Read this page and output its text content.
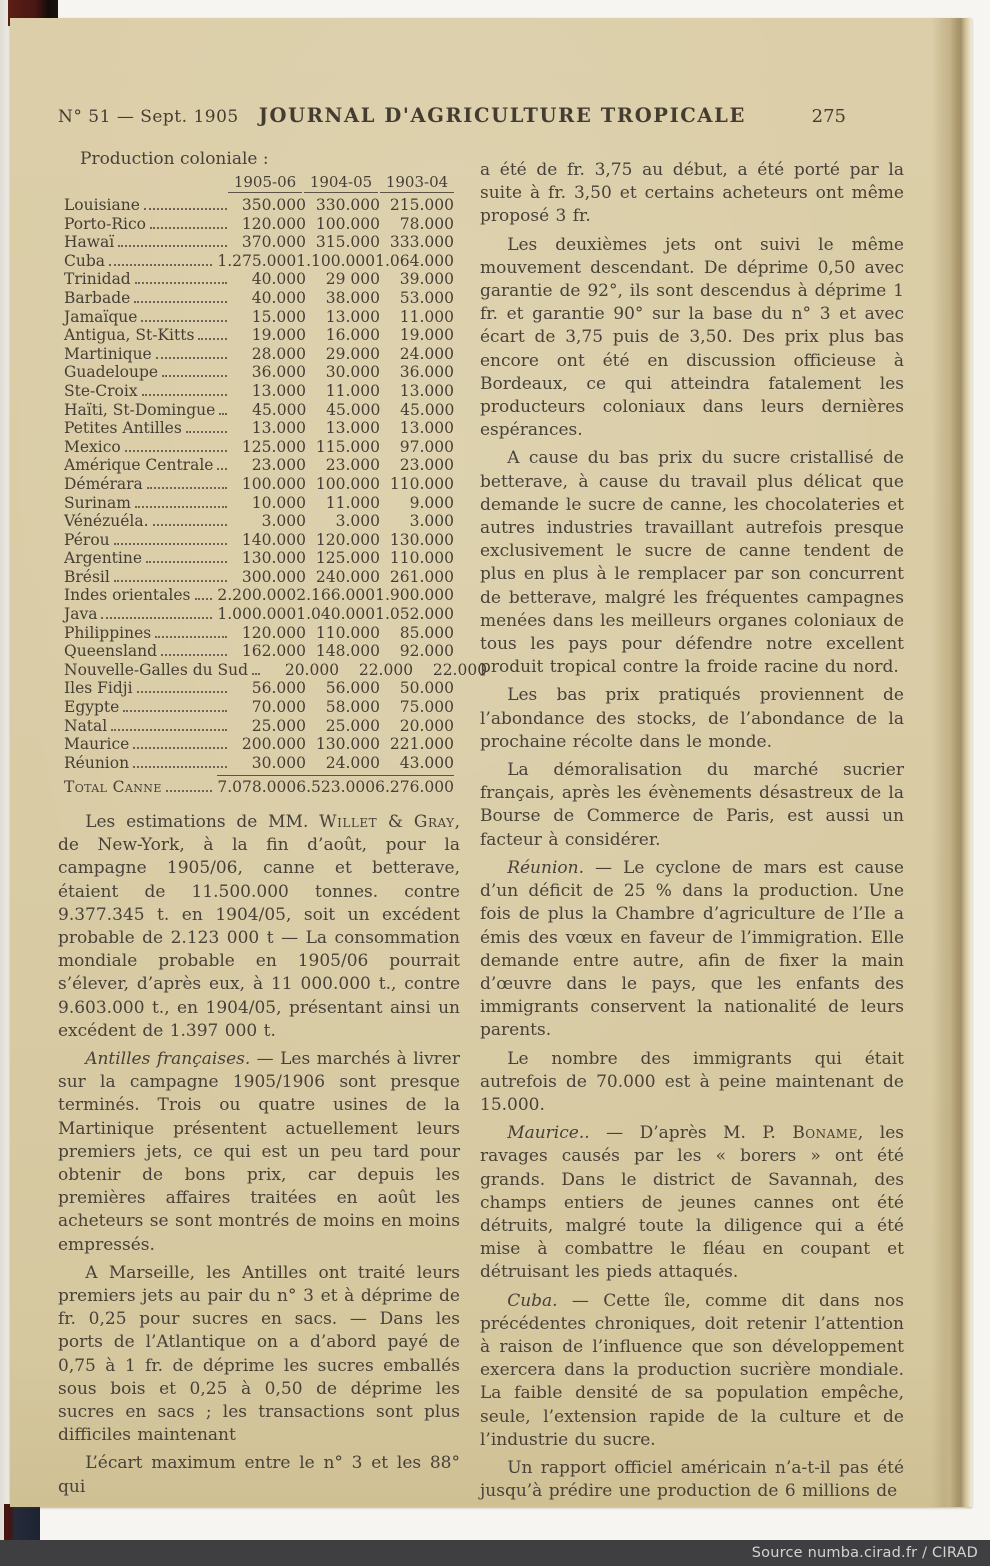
N° 51 — Sept. 1905 JOURNAL D'AGRICULTURE TROPICALE	275
Production coloniale :
1905-06 1904-05 1903-04
Louisiane	350.000 330.000 215.000
Porto-Rico	120.000 100.000	78.000
Hawaï	370.000 315.000 333.000
Cuba	1.275.000 1.100.000 1.064.000
Trinidad	40.000	29 000	39.000
Barbade	40.000	38.000	53.000
Jamaïque	15.000	13.000	11.000
Antigua, St-Kitts	19.000	16.000	19.000
Martinique	28.000	29.000	24.000
Guadeloupe	36.000	30.000	36.000
Ste-Croix	13.000	11.000	13.000
Haïti, St-Domingue	45.000	45.000	45.000
Petites Antilles	13.000	13.000	13.000
Mexico	125.000 115.000	97.000
Amérique Centrale	23.000	23.000	23.000
Démérara	100.000 100.000 110.000
Surinam	10.000	11.000	9.000
Vénézuéla.	3.000	3.000	3.000
Pérou	140.000 120.000 130.000
Argentine	130.000 125.000 110.000
Brésil	300.000 240.000 261.000
Indes orientales 2.200.000 2.166.000 1.900.000
Java	1.000.000 1.040.000 1.052.000
Philippines	120.000 110.000	85.000
Queensland	162.000 148.000	92.000
Nouvelle-Galles du Sud	20.000	22.000	22.000
Iles Fidji	56.000	56.000	50.000
Egypte	70.000	58.000	75.000
Natal	25.000	25.000	20.000
Maurice	200.000 130.000 221.000
Réunion	30.000	24.000	43.000
Total Canne	7.078.000 6.523.000 6.276.000

Les estimations de MM. Willet & Gray, de New-York, à la fin d’août, pour la campagne 1905/06, canne et betterave, étaient de 11.500.000 tonnes. contre 9.377.345 t. en 1904/05, soit un excédent probable de 2.123 000 t — La consommation mondiale probable en 1905/06 pourrait s’élever, d’après eux, à 11 000.000 t., contre 9.603.000 t., en 1904/05, présentant ainsi un excédent de 1.397 000 t.

Antilles françaises. — Les marchés à livrer sur la campagne 1905/1906 sont presque terminés. Trois ou quatre usines de la Martinique présentent actuellement leurs premiers jets, ce qui est un peu tard pour obtenir de bons prix, car depuis les premières affaires traitées en août les acheteurs se sont montrés de moins en moins empressés.

A Marseille, les Antilles ont traité leurs premiers jets au pair du n° 3 et à déprime de fr. 0,25 pour sucres en sacs. — Dans les ports de l’Atlantique on a d’abord payé de 0,75 à 1 fr. de déprime les sucres emballés sous bois et 0,25 à 0,50 de déprime les sucres en sacs ; les transactions sont plus difficiles maintenant

L’écart maximum entre le n° 3 et les 88° qui

a été de fr. 3,75 au début, a été porté par la suite à fr. 3,50 et certains acheteurs ont même proposé 3 fr.

Les deuxièmes jets ont suivi le même mouvement descendant. De déprime 0,50 avec garantie de 92°, ils sont descendus à déprime 1 fr. et garantie 90° sur la base du n° 3 et avec écart de 3,75 puis de 3,50. Des prix plus bas encore ont été en discussion officieuse à Bordeaux, ce qui atteindra fatalement les producteurs coloniaux dans leurs dernières espérances.

A cause du bas prix du sucre cristallisé de betterave, à cause du travail plus délicat que demande le sucre de canne, les chocolateries et autres industries travaillant autrefois presque exclusivement le sucre de canne tendent de plus en plus à le remplacer par son concurrent de betterave, malgré les fréquentes campagnes menées dans les meilleurs organes coloniaux de tous les pays pour défendre notre excellent produit tropical contre la froide racine du nord.

Les bas prix pratiqués proviennent de l’abondance des stocks, de l’abondance de la prochaine récolte dans le monde.

La démoralisation du marché sucrier français, après les évènements désastreux de la Bourse de Commerce de Paris, est aussi un facteur à considérer.

Réunion. — Le cyclone de mars est cause d’un déficit de 25 % dans la production. Une fois de plus la Chambre d’agriculture de l’Ile a émis des vœux en faveur de l’immigration. Elle demande entre autre, afin de fixer la main d’œuvre dans le pays, que les enfants des immigrants conservent la nationalité de leurs parents.

Le nombre des immigrants qui était autrefois de 70.000 est à peine maintenant de 15.000.

Maurice.. — D’après M. P. Boname, les ravages causés par les « borers » ont été grands. Dans le district de Savannah, des champs entiers de jeunes cannes ont été détruits, malgré toute la diligence qui a été mise à combattre le fléau en coupant et détruisant les pieds attaqués.

Cuba. — Cette île, comme dit dans nos précédentes chroniques, doit retenir l’attention à raison de l’influence que son développement exercera dans la production sucrière mondiale. La faible densité de sa population empêche, seule, l’extension rapide de la culture et de l’industrie du sucre.

Un rapport officiel américain n’a-t-il pas été jusqu’à prédire une production de 6 millions de

Source numba.cirad.fr / CIRAD
